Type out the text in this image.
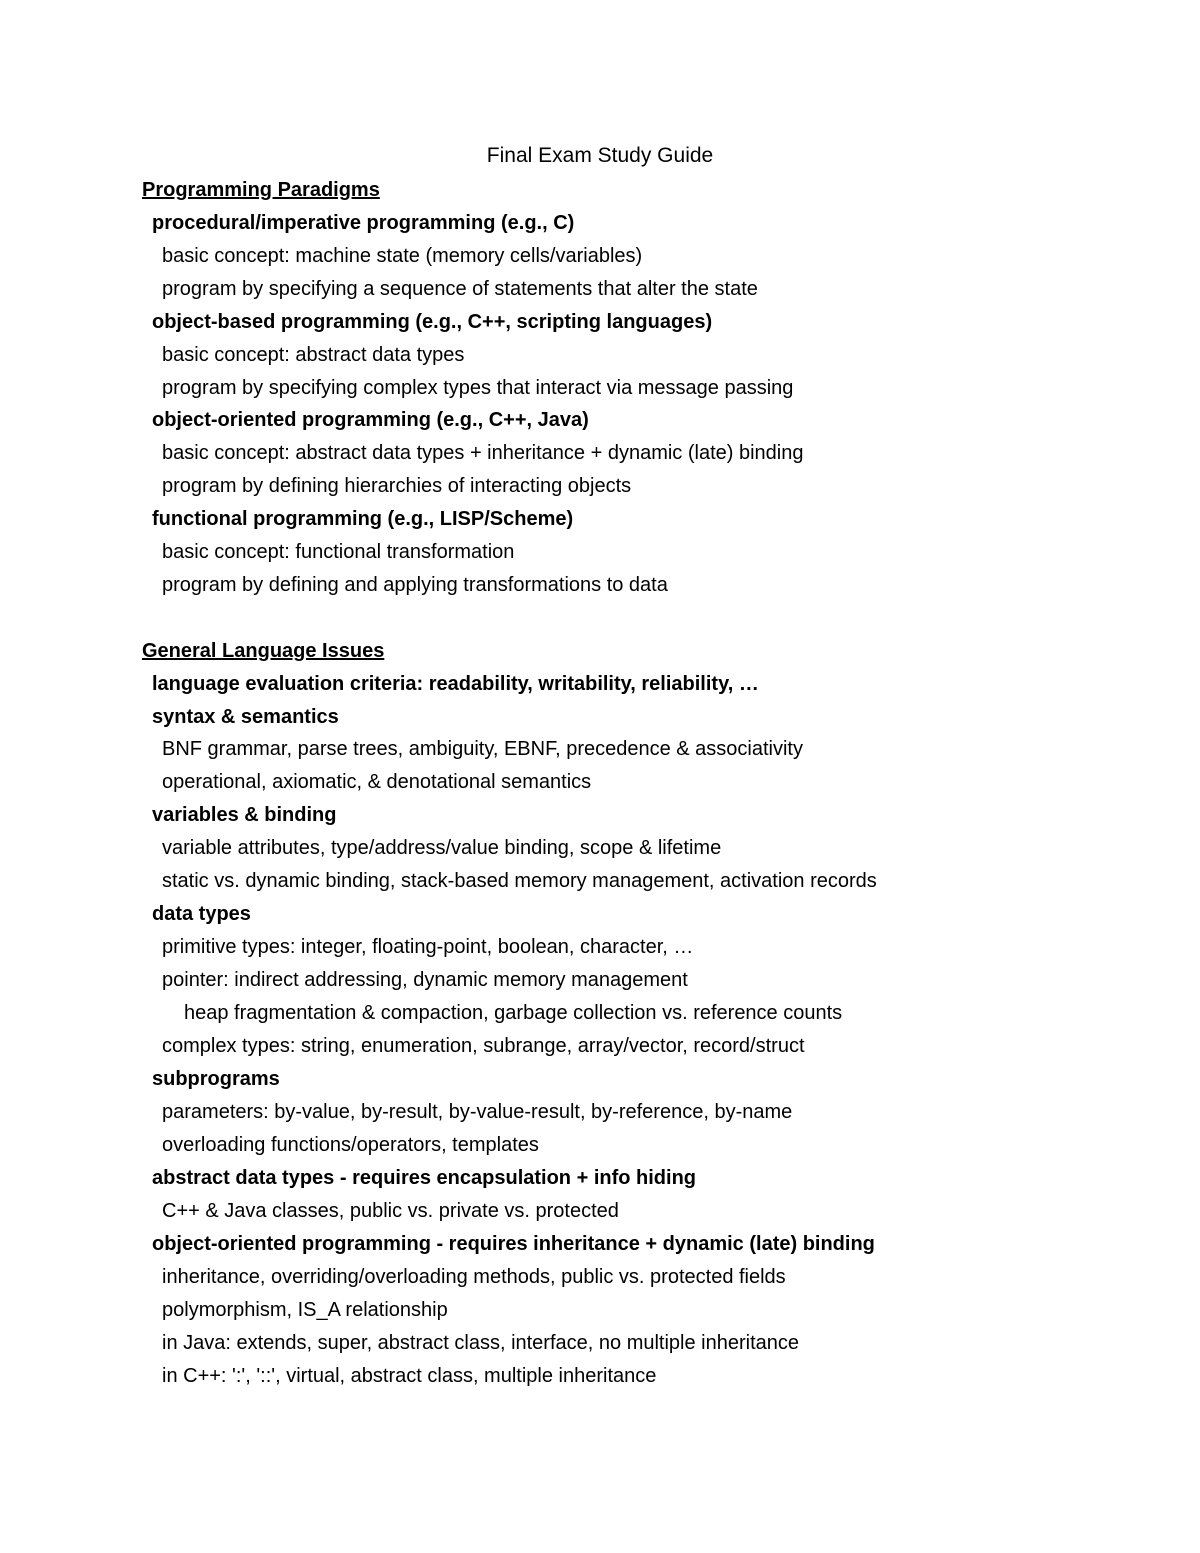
Final Exam Study Guide
Programming Paradigms
procedural/imperative programming (e.g., C)
basic concept: machine state (memory cells/variables)
program by specifying a sequence of statements that alter the state
object-based programming (e.g., C++, scripting languages)
basic concept: abstract data types
program by specifying complex types that interact via message passing
object-oriented programming (e.g., C++, Java)
basic concept: abstract data types + inheritance + dynamic (late) binding
program by defining hierarchies of interacting objects
functional programming (e.g., LISP/Scheme)
basic concept: functional transformation
program by defining and applying transformations to data
General Language Issues
language evaluation criteria: readability, writability, reliability, …
syntax & semantics
BNF grammar, parse trees, ambiguity, EBNF, precedence & associativity
operational, axiomatic, & denotational semantics
variables & binding
variable attributes, type/address/value binding, scope & lifetime
static vs. dynamic binding, stack-based memory management, activation records
data types
primitive types: integer, floating-point, boolean, character, …
pointer: indirect addressing, dynamic memory management
heap fragmentation & compaction, garbage collection vs. reference counts
complex types: string, enumeration, subrange, array/vector, record/struct
subprograms
parameters: by-value, by-result, by-value-result, by-reference, by-name
overloading functions/operators, templates
abstract data types - requires encapsulation + info hiding
C++ & Java classes, public vs. private vs. protected
object-oriented programming - requires inheritance + dynamic (late) binding
inheritance, overriding/overloading methods, public vs. protected fields
polymorphism, IS_A relationship
in Java: extends, super, abstract class, interface, no multiple inheritance
in C++: ':', '::', virtual, abstract class, multiple inheritance
